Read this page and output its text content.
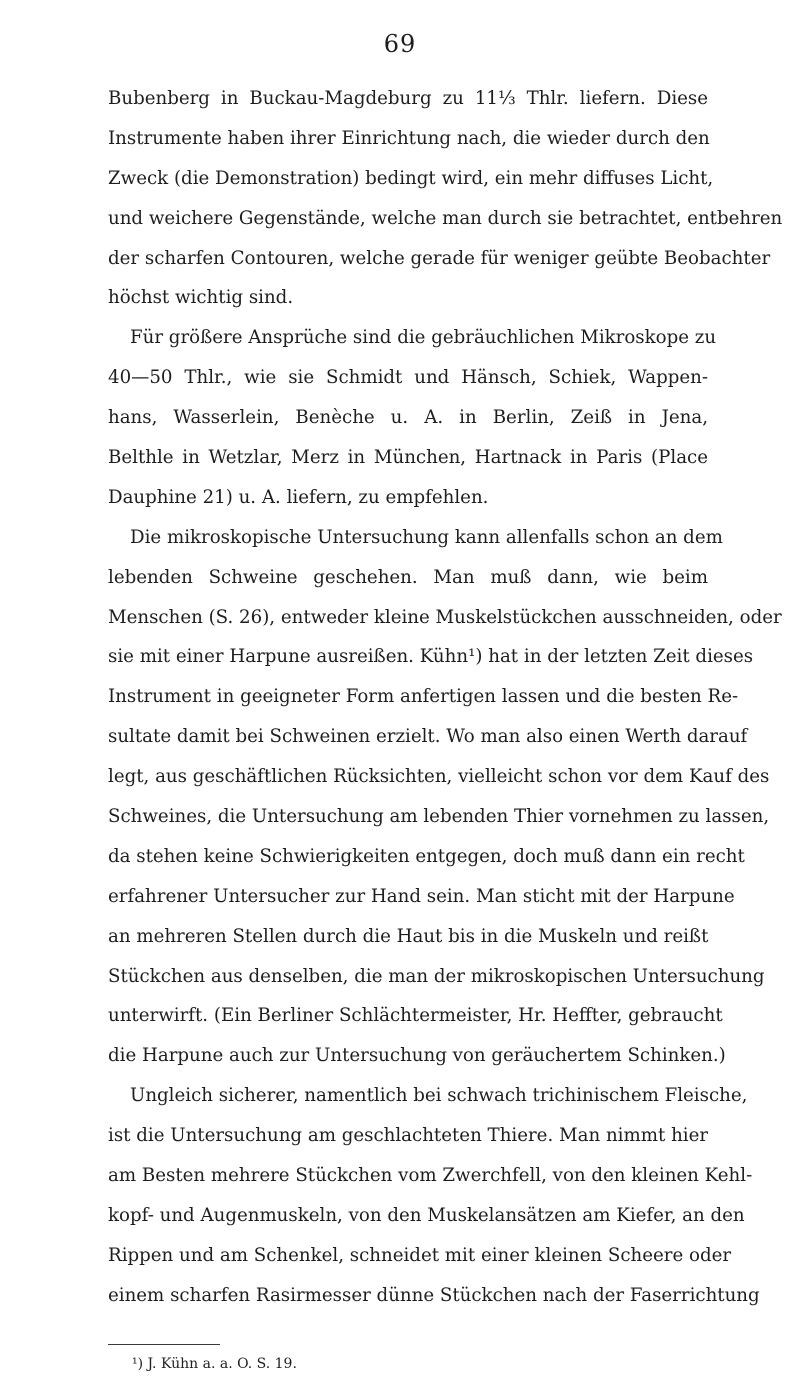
69
Bubenberg in Buckau-Magdeburg zu 11⅓ Thlr. liefern. Diese
Instrumente haben ihrer Einrichtung nach, die wieder durch den
Zweck (die Demonstration) bedingt wird, ein mehr diffuses Licht,
und weichere Gegenstände, welche man durch sie betrachtet, entbehren
der scharfen Contouren, welche gerade für weniger geübte Beobachter
höchst wichtig sind.
Für größere Ansprüche sind die gebräuchlichen Mikroskope zu
40—50 Thlr., wie sie Schmidt und Hänsch, Schiek, Wappen-
hans, Wasserlein, Benèche u. A. in Berlin, Zeiß in Jena,
Belthle in Wetzlar, Merz in München, Hartnack in Paris (Place
Dauphine 21) u. A. liefern, zu empfehlen.
Die mikroskopische Untersuchung kann allenfalls schon an dem
lebenden Schweine geschehen. Man muß dann, wie beim
Menschen (S. 26), entweder kleine Muskelstückchen ausschneiden, oder
sie mit einer Harpune ausreißen. Kühn¹) hat in der letzten Zeit dieses
Instrument in geeigneter Form anfertigen lassen und die besten Re-
sultate damit bei Schweinen erzielt. Wo man also einen Werth darauf
legt, aus geschäftlichen Rücksichten, vielleicht schon vor dem Kauf des
Schweines, die Untersuchung am lebenden Thier vornehmen zu lassen,
da stehen keine Schwierigkeiten entgegen, doch muß dann ein recht
erfahrener Untersucher zur Hand sein. Man sticht mit der Harpune
an mehreren Stellen durch die Haut bis in die Muskeln und reißt
Stückchen aus denselben, die man der mikroskopischen Untersuchung
unterwirft. (Ein Berliner Schlächtermeister, Hr. Heffter, gebraucht
die Harpune auch zur Untersuchung von geräuchertem Schinken.)
Ungleich sicherer, namentlich bei schwach trichinischem Fleische,
ist die Untersuchung am geschlachteten Thiere. Man nimmt hier
am Besten mehrere Stückchen vom Zwerchfell, von den kleinen Kehl-
kopf- und Augenmuskeln, von den Muskelansätzen am Kiefer, an den
Rippen und am Schenkel, schneidet mit einer kleinen Scheere oder
einem scharfen Rasirmesser dünne Stückchen nach der Faserrichtung
¹) J. Kühn a. a. O. S. 19.
